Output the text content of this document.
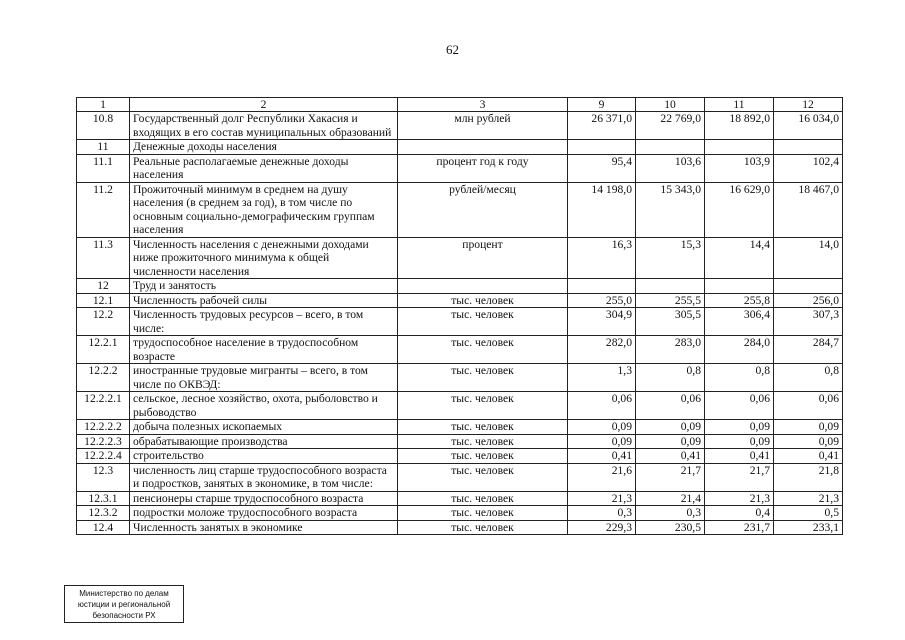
62
1	2	3	9	10	11	12
10.8	Государственный долг Республики Хакасия и входящих в его состав муниципальных образований	млн рублей	26 371,0	22 769,0	18 892,0	16 034,0
11	Денежные доходы населения					
11.1	Реальные располагаемые денежные доходы населения	процент год к году	95,4	103,6	103,9	102,4
11.2	Прожиточный минимум в среднем на душу населения (в среднем за год), в том числе по основным социально-демографическим группам населения	рублей/месяц	14 198,0	15 343,0	16 629,0	18 467,0
11.3	Численность населения с денежными доходами ниже прожиточного минимума к общей численности населения	процент	16,3	15,3	14,4	14,0
12	Труд и занятость					
12.1	Численность рабочей силы	тыс. человек	255,0	255,5	255,8	256,0
12.2	Численность трудовых ресурсов – всего, в том числе:	тыс. человек	304,9	305,5	306,4	307,3
12.2.1	трудоспособное население в трудоспособном возрасте	тыс. человек	282,0	283,0	284,0	284,7
12.2.2	иностранные трудовые мигранты – всего, в том числе по ОКВЭД:	тыс. человек	1,3	0,8	0,8	0,8
12.2.2.1	сельское, лесное хозяйство, охота, рыболовство и рыбоводство	тыс. человек	0,06	0,06	0,06	0,06
12.2.2.2	добыча полезных ископаемых	тыс. человек	0,09	0,09	0,09	0,09
12.2.2.3	обрабатывающие производства	тыс. человек	0,09	0,09	0,09	0,09
12.2.2.4	строительство	тыс. человек	0,41	0,41	0,41	0,41
12.3	численность лиц старше трудоспособного возраста и подростков, занятых в экономике, в том числе:	тыс. человек	21,6	21,7	21,7	21,8
12.3.1	пенсионеры старше трудоспособного возраста	тыс. человек	21,3	21,4	21,3	21,3
12.3.2	подростки моложе трудоспособного возраста	тыс. человек	0,3	0,3	0,4	0,5
12.4	Численность занятых в экономике	тыс. человек	229,3	230,5	231,7	233,1
Министерство по делам
юстиции и региональной
безопасности РХ
